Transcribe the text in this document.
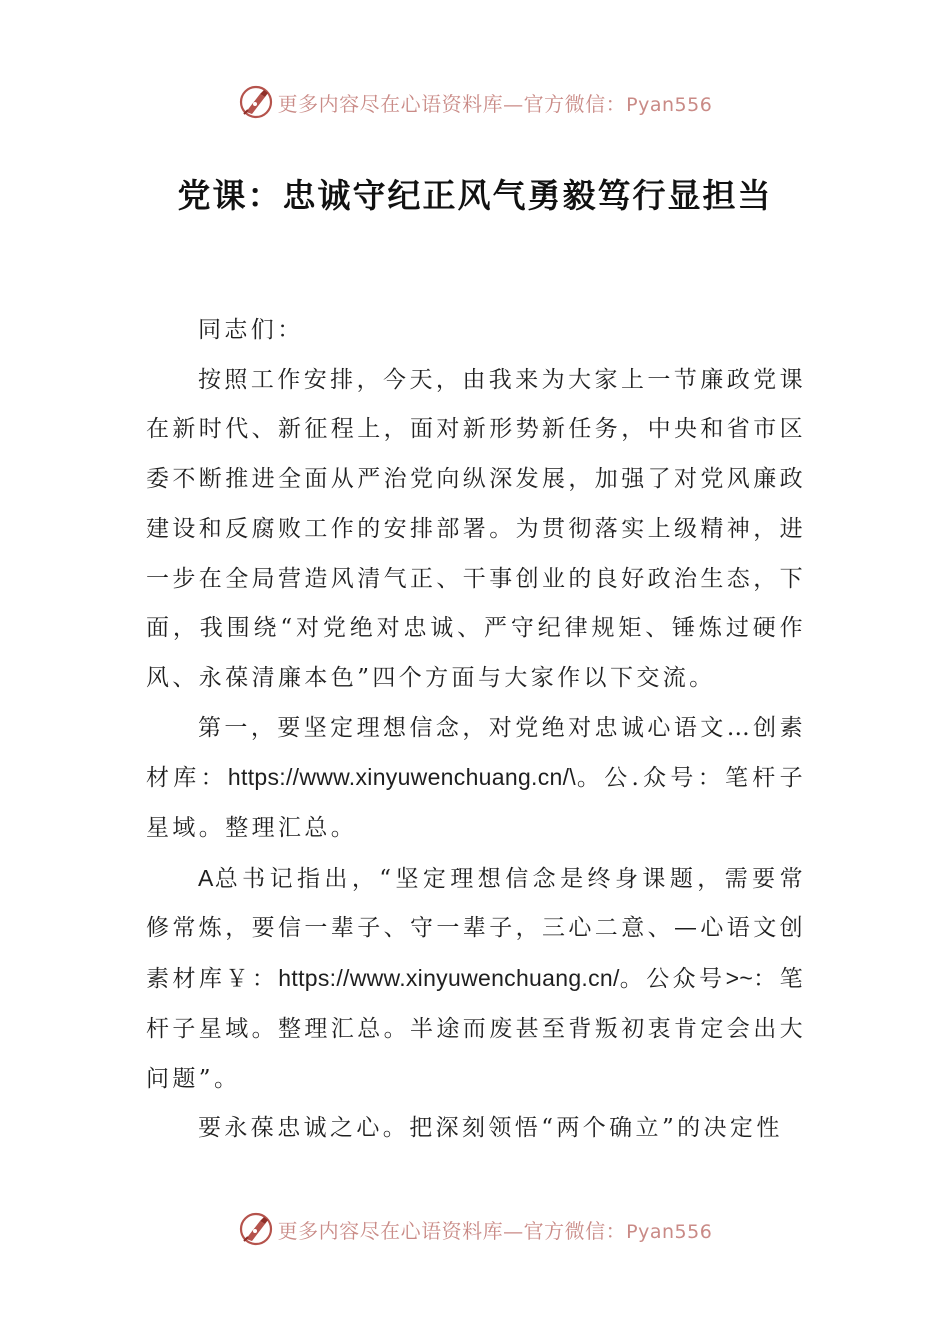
更多内容尽在心语资料库—官方微信：Pyan556
党课：忠诚守纪正风气勇毅笃行显担当

同志们：

按照工作安排，今天，由我来为大家上一节廉政党课在新时代、新征程上，面对新形势新任务，中央和省市区委不断推进全面从严治党向纵深发展，加强了对党风廉政建设和反腐败工作的安排部署。为贯彻落实上级精神，进一步在全局营造风清气正、干事创业的良好政治生态，下面，我围绕“对党绝对忠诚、严守纪律规矩、锤炼过硬作风、永葆清廉本色”四个方面与大家作以下交流。

第一，要坚定理想信念，对党绝对忠诚心语文…创素材库：https://www.xinyuwenchuang.cn/\。公.众号：笔杆子星域。整理汇总。

A总书记指出，“坚定理想信念是终身课题，需要常修常炼，要信一辈子、守一辈子，三心二意、—心语文创素材库￥：https://www.xinyuwenchuang.cn/。公众号>~：笔杆子星域。整理汇总。半途而废甚至背叛初衷肯定会出大问题”。

要永葆忠诚之心。把深刻领悟“两个确立”的决定性

更多内容尽在心语资料库—官方微信：Pyan556
